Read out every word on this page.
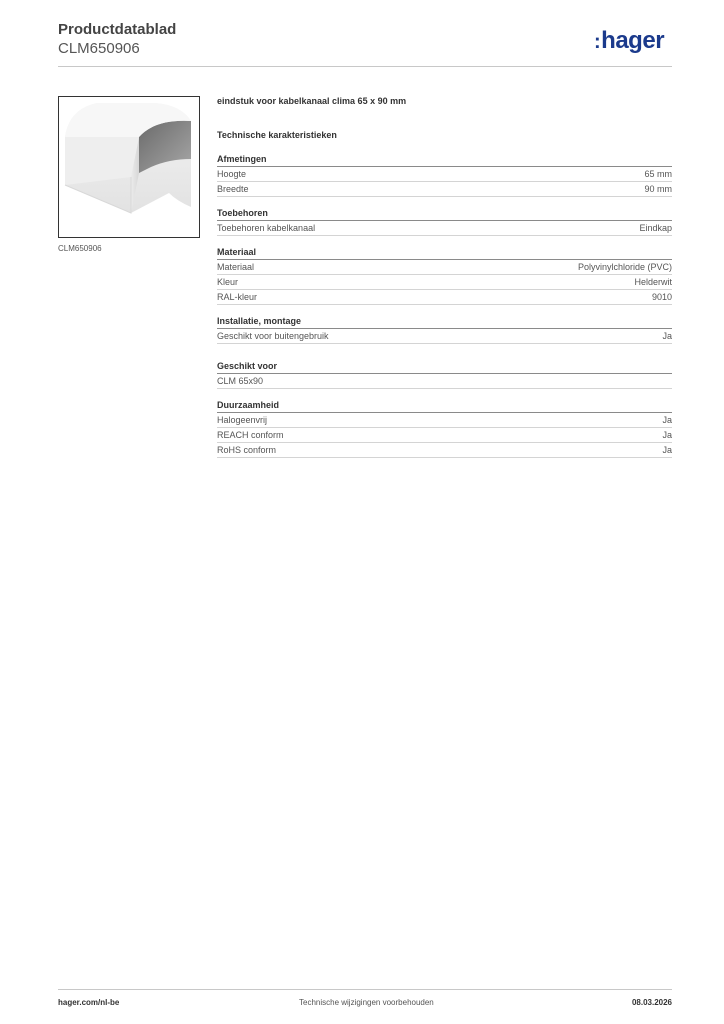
Productdatablad
CLM650906	:hager
CLM650906
eindstuk voor kabelkanaal clima 65 x 90 mm
Technische karakteristieken
Afmetingen
Hoogte	65 mm
Breedte	90 mm
Toebehoren
Toebehoren kabelkanaal	Eindkap
Materiaal
Materiaal	Polyvinylchloride (PVC)
Kleur	Helderwit
RAL-kleur	9010
Installatie, montage
Geschikt voor buitengebruik	Ja
Geschikt voor
CLM 65x90
Duurzaamheid
Halogeenvrij	Ja
REACH conform	Ja
RoHS conform	Ja
hager.com/nl-be	Technische wijzigingen voorbehouden	08.03.2026
